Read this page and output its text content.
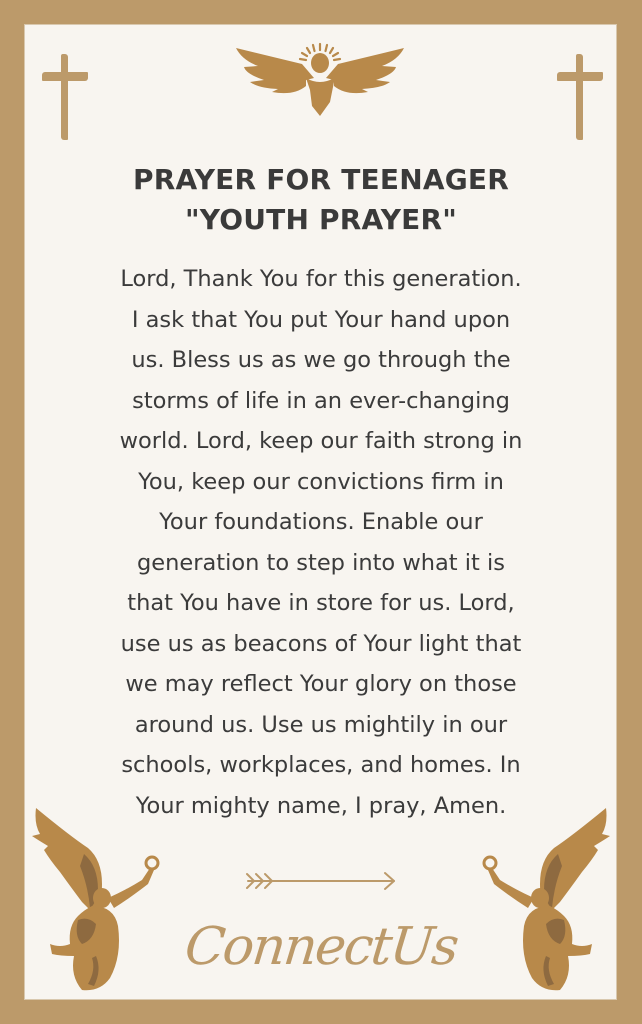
PRAYER FOR TEENAGER
"YOUTH PRAYER"
Lord, Thank You for this generation.
I ask that You put Your hand upon
us. Bless us as we go through the
storms of life in an ever-changing
world. Lord, keep our faith strong in
You, keep our convictions firm in
Your foundations. Enable our
generation to step into what it is
that You have in store for us. Lord,
use us as beacons of Your light that
we may reflect Your glory on those
around us. Use us mightily in our
schools, workplaces, and homes. In
Your mighty name, I pray, Amen.
ConnectUs
